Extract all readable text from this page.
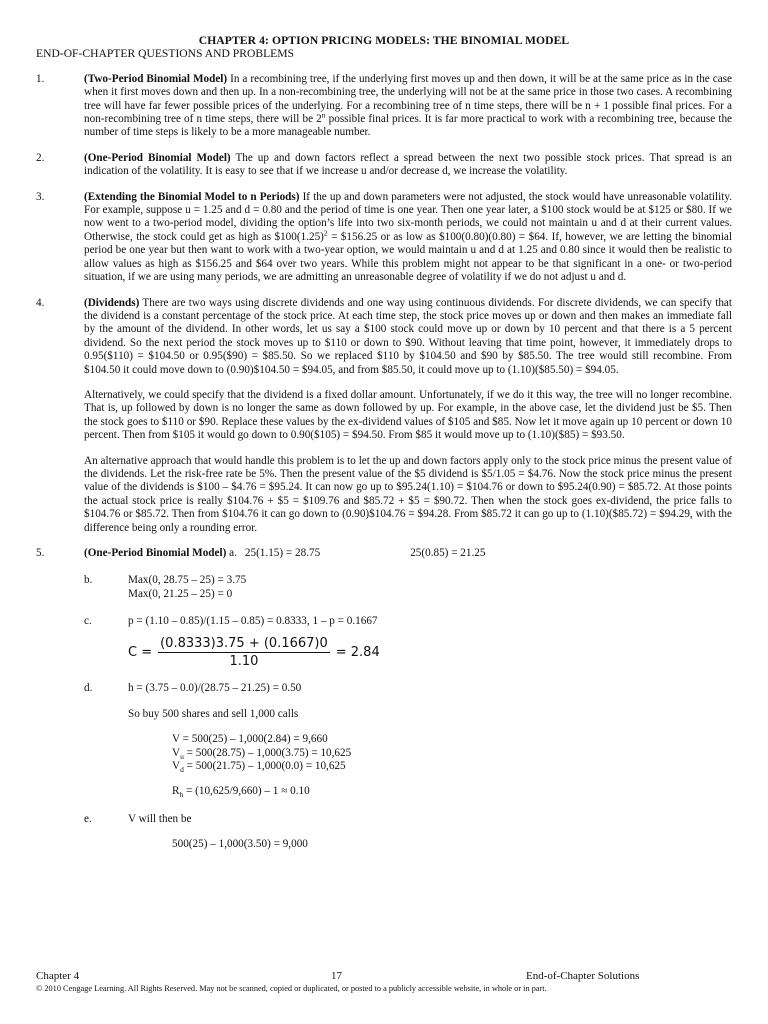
CHAPTER 4: OPTION PRICING MODELS: THE BINOMIAL MODEL
END-OF-CHAPTER QUESTIONS AND PROBLEMS
1.	(Two-Period Binomial Model) In a recombining tree, if the underlying first moves up and then down, it will be at the same price as in the case when it first moves down and then up. In a non-recombining tree, the underlying will not be at the same price in those two cases. A recombining tree will have far fewer possible prices of the underlying. For a recombining tree of n time steps, there will be n + 1 possible final prices. For a non-recombining tree of n time steps, there will be 2$^n$ possible final prices. It is far more practical to work with a recombining tree, because the number of time steps is likely to be a more manageable number.

2.	(One-Period Binomial Model) The up and down factors reflect a spread between the next two possible stock prices. That spread is an indication of the volatility. It is easy to see that if we increase u and/or decrease d, we increase the volatility.

3.	(Extending the Binomial Model to n Periods) If the up and down parameters were not adjusted, the stock would have unreasonable volatility. For example, suppose u = 1.25 and d = 0.80 and the period of time is one year. Then one year later, a $100 stock would be at $125 or $80. If we now went to a two-period model, dividing the option’s life into two six-month periods, we could not maintain u and d at their current values. Otherwise, the stock could get as high as $\$100(1.25)^2$ = $156.25 or as low as $100(0.80)(0.80) = $64. If, however, we are letting the binomial period be one year but then want to work with a two-year option, we would maintain u and d at 1.25 and 0.80 since it would then be realistic to allow values as high as $156.25 and $64 over two years. While this problem might not appear to be that significant in a one- or two-period situation, if we are using many periods, we are admitting an unreasonable degree of volatility if we do not adjust u and d.

4.	(Dividends) There are two ways using discrete dividends and one way using continuous dividends. For discrete dividends, we can specify that the dividend is a constant percentage of the stock price. At each time step, the stock price moves up or down and then makes an immediate fall by the amount of the dividend. In other words, let us say a $100 stock could move up or down by 10 percent and that there is a 5 percent dividend. So the next period the stock moves up to $110 or down to $90. Without leaving that time point, however, it immediately drops to 0.95($110) = $104.50 or 0.95($90) = $85.50. So we replaced $110 by $104.50 and $90 by $85.50. The tree would still recombine. From $104.50 it could move down to (0.90)$104.50 = $94.05, and from $85.50, it could move up to (1.10)($85.50) = $94.05.

Alternatively, we could specify that the dividend is a fixed dollar amount. Unfortunately, if we do it this way, the tree will no longer recombine. That is, up followed by down is no longer the same as down followed by up. For example, in the above case, let the dividend just be $5. Then the stock goes to $110 or $90. Replace these values by the ex-dividend values of $105 and $85. Now let it move again up 10 percent or down 10 percent. Then from $105 it would go down to 0.90($105) = $94.50. From $85 it would move up to (1.10)($85) = $93.50.

An alternative approach that would handle this problem is to let the up and down factors apply only to the stock price minus the present value of the dividends. Let the risk-free rate be 5%. Then the present value of the $5 dividend is $5/1.05 = $4.76. Now the stock price minus the present value of the dividends is $100 – $4.76 = $95.24. It can now go up to $95.24(1.10) = $104.76 or down to $95.24(0.90) = $85.72. At those points the actual stock price is really $104.76 + $5 = $109.76 and $85.72 + $5 = $90.72. Then when the stock goes ex-dividend, the price falls to $104.76 or $85.72. Then from $104.76 it can go down to (0.90)$104.76 = $94.28. From $85.72 it can go up to (1.10)($85.72) = $94.29, with the difference being only a rounding error.

5.	(One-Period Binomial Model) a. 25(1.15) = 28.75	25(0.85) = 21.25
b.	Max(0, 28.75 – 25) = 3.75
Max(0, 21.25 – 25) = 0
c.	p = (1.10 – 0.85)/(1.15 – 0.85) = 0.8333, 1 – p = 0.1667
$C = \frac{(0.8333)3.75 + (0.1667)0}{1.10} = 2.84$
d.	h = (3.75 – 0.0)/(28.75 – 21.25) = 0.50
So buy 500 shares and sell 1,000 calls
V = 500(25) – 1,000(2.84) = 9,660
$V_u = 500(28.75) - 1,000(3.75) = 10,625$
$V_d = 500(21.75) - 1,000(0.0) = 10,625$
$R_h = (10,625/9,660) - 1 \approx 0.10$
e.	V will then be
500(25) – 1,000(3.50) = 9,000
Chapter 4	17	End-of-Chapter Solutions
© 2010 Cengage Learning. All Rights Reserved. May not be scanned, copied or duplicated, or posted to a publicly accessible website, in whole or in part.
